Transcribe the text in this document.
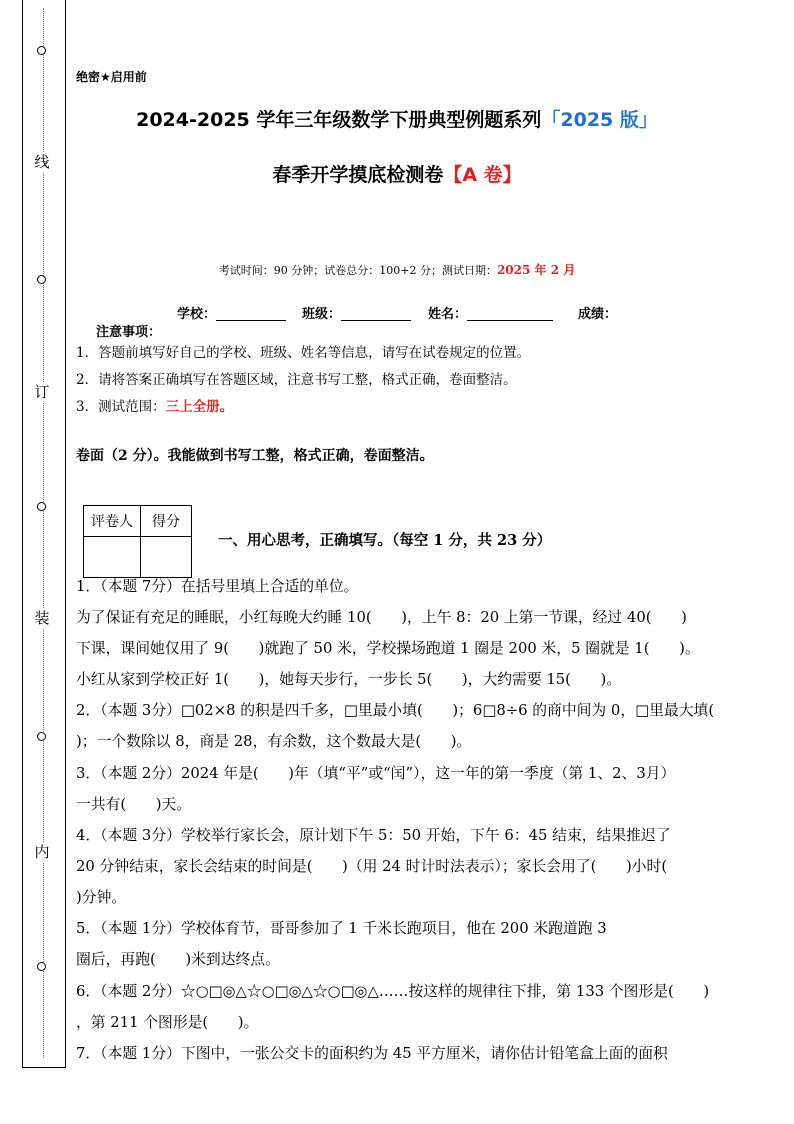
线
订
装
内
绝密★启用前
2024-2025 学年三年级数学下册典型例题系列「2025 版」
春季开学摸底检测卷【A 卷】
考试时间：90 分钟；试卷总分：100+2 分；测试日期：2025 年 2 月
学校：	班级：	姓名：	成绩：
注意事项：
1．答题前填写好自己的学校、班级、姓名等信息，请写在试卷规定的位置。
2．请将答案正确填写在答题区域，注意书写工整，格式正确，卷面整洁。
3．测试范围：三上全册。
卷面（2 分）。我能做到书写工整，格式正确，卷面整洁。
评卷人	得分

一、用心思考，正确填写。（每空 1 分，共 23 分）
1．（本题 7分）在括号里填上合适的单位。
为了保证有充足的睡眠，小红每晚大约睡 10(　　)，上午 8：20 上第一节课，经过 40(　　)
下课，课间她仅用了 9(　　)就跑了 50 米，学校操场跑道 1 圈是 200 米，5 圈就是 1(　　)。
小红从家到学校正好 1(　　)，她每天步行，一步长 5(　　)，大约需要 15(　　)。
2．（本题 3分）□02×8 的积是四千多，□里最小填(　　)；6□8÷6 的商中间为 0，□里最大填(
)；一个数除以 8，商是 28，有余数，这个数最大是(　　)。
3．（本题 2分）2024 年是(　　)年（填“平”或“闰”），这一年的第一季度（第 1、2、3月）
一共有(　　)天。
4．（本题 3分）学校举行家长会，原计划下午 5：50 开始，下午 6：45 结束，结果推迟了
20 分钟结束，家长会结束的时间是(　　)（用 24 时计时法表示）；家长会用了(　　)小时(
)分钟。
5．（本题 1分）学校体育节，哥哥参加了 1 千米长跑项目，他在 200 米跑道跑 3
圈后，再跑(　　)米到达终点。
6．（本题 2分）☆○□◎△☆○□◎△☆○□◎△……按这样的规律往下排，第 133 个图形是(　　)
，第 211 个图形是(　　)。
7．（本题 1分）下图中，一张公交卡的面积约为 45 平方厘米，请你估计铅笔盒上面的面积
